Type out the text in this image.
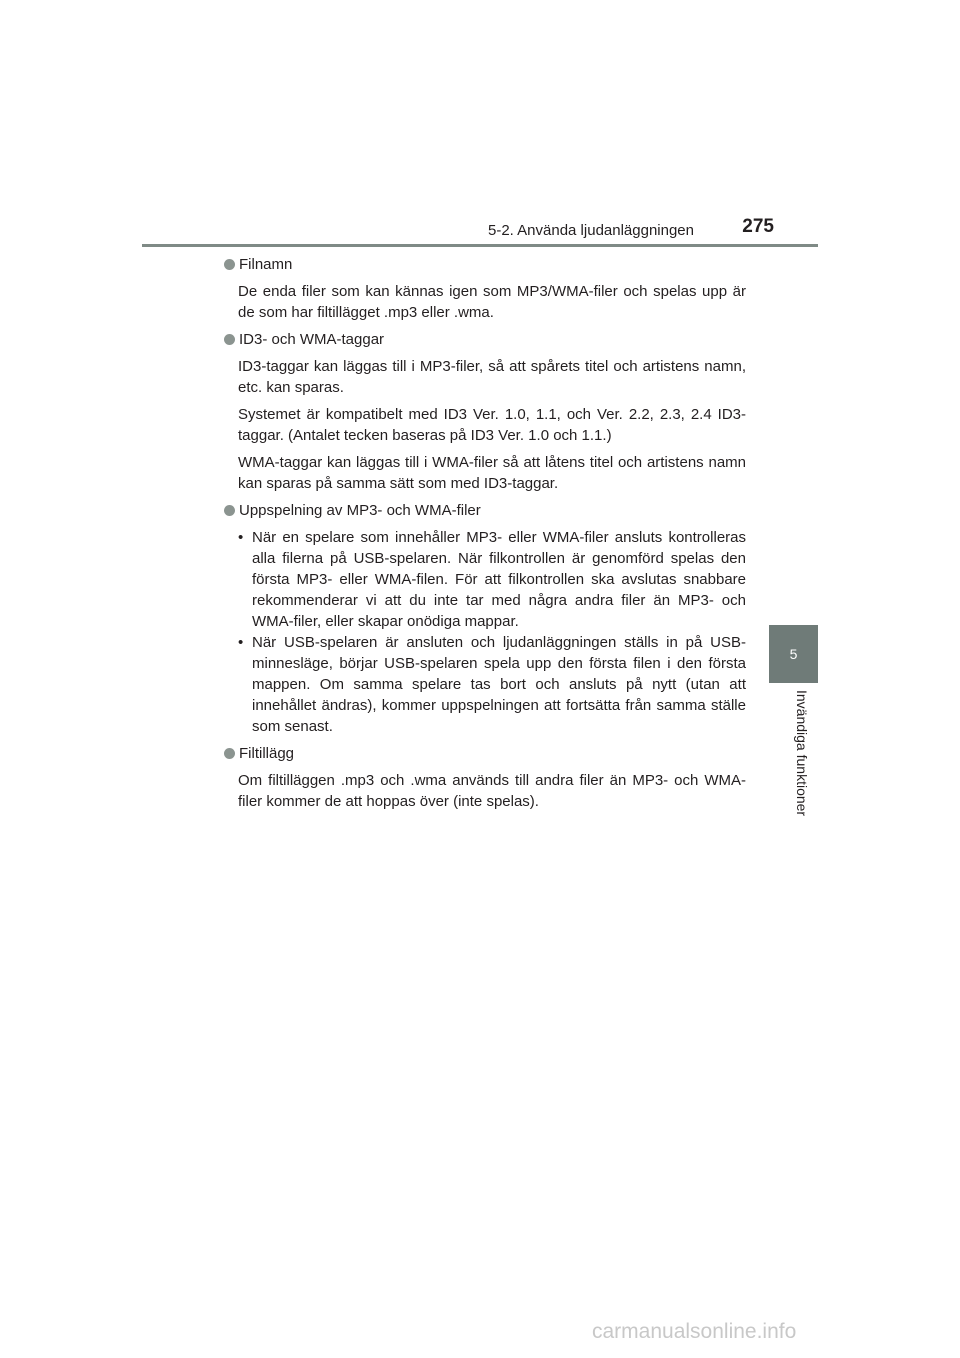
5-2. Använda ljudanläggningen	275
5
Invändiga funktioner
Filnamn
De enda filer som kan kännas igen som MP3/WMA-filer och spelas upp är de som har filtillägget .mp3 eller .wma.
ID3- och WMA-taggar
ID3-taggar kan läggas till i MP3-filer, så att spårets titel och artistens namn, etc. kan sparas.
Systemet är kompatibelt med ID3 Ver. 1.0, 1.1, och Ver. 2.2, 2.3, 2.4 ID3-taggar. (Antalet tecken baseras på ID3 Ver. 1.0 och 1.1.)
WMA-taggar kan läggas till i WMA-filer så att låtens titel och artistens namn kan sparas på samma sätt som med ID3-taggar.
Uppspelning av MP3- och WMA-filer
• När en spelare som innehåller MP3- eller WMA-filer ansluts kontrolleras alla filerna på USB-spelaren. När filkontrollen är genomförd spelas den första MP3- eller WMA-filen. För att filkontrollen ska avslutas snabbare rekommenderar vi att du inte tar med några andra filer än MP3- och WMA-filer, eller skapar onödiga mappar.
• När USB-spelaren är ansluten och ljudanläggningen ställs in på USB-minnesläge, börjar USB-spelaren spela upp den första filen i den första mappen. Om samma spelare tas bort och ansluts på nytt (utan att innehållet ändras), kommer uppspelningen att fortsätta från samma ställe som senast.
Filtillägg
Om filtilläggen .mp3 och .wma används till andra filer än MP3- och WMA-filer kommer de att hoppas över (inte spelas).
carmanualsonline.info
